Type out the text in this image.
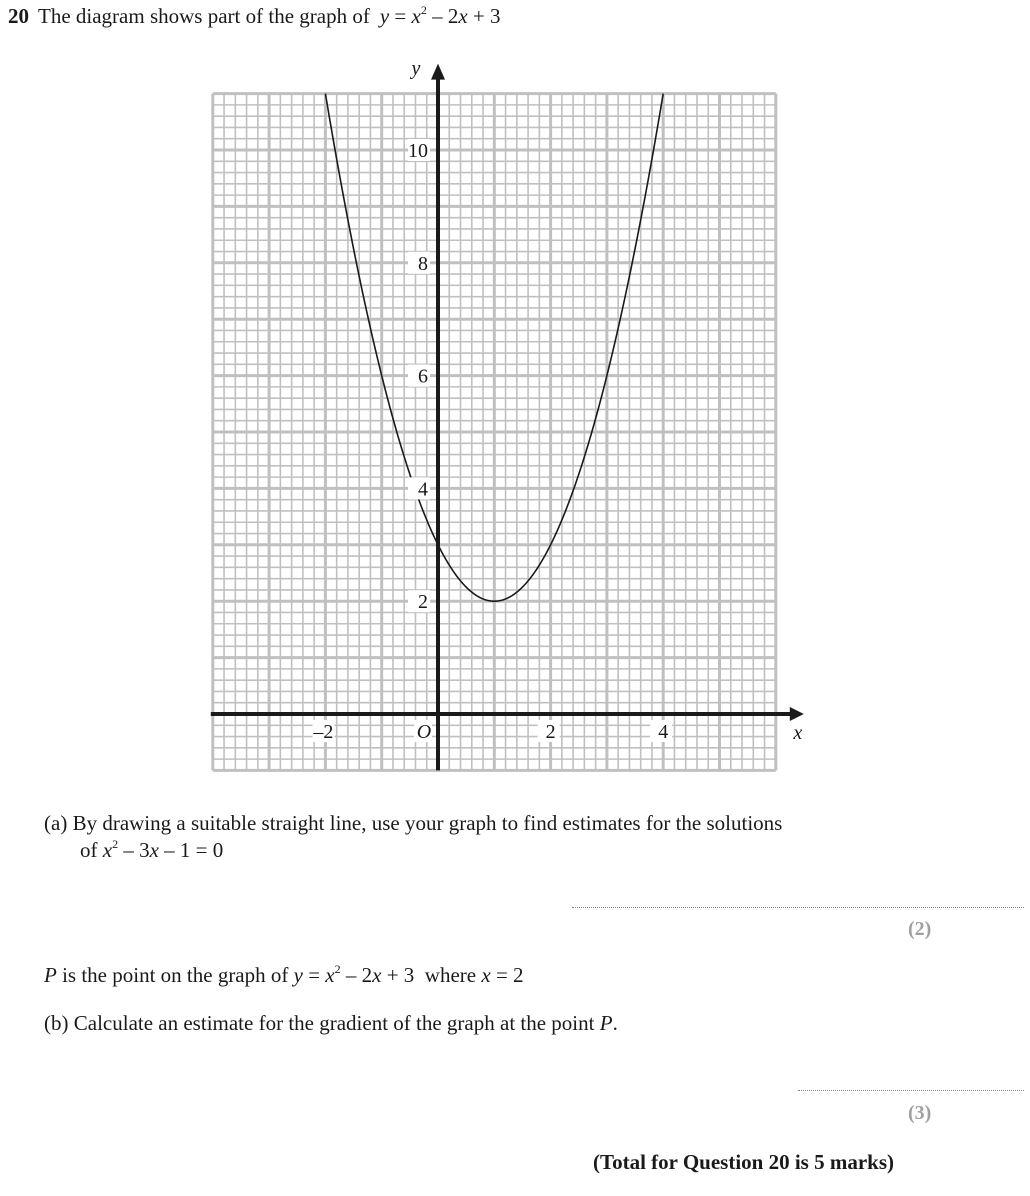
20 The diagram shows part of the graph of $y = x^2 - 2x + 3$
2
4
6
8
10
–2	2	4
O	x
y
(a) By drawing a suitable straight line, use your graph to find estimates for the solutions
of $x^2 - 3x - 1 = 0$
(2)
P is the point on the graph of $y = x^2 - 2x + 3$  where x = 2
(b) Calculate an estimate for the gradient of the graph at the point P.
(3)
(Total for Question 20 is 5 marks)
